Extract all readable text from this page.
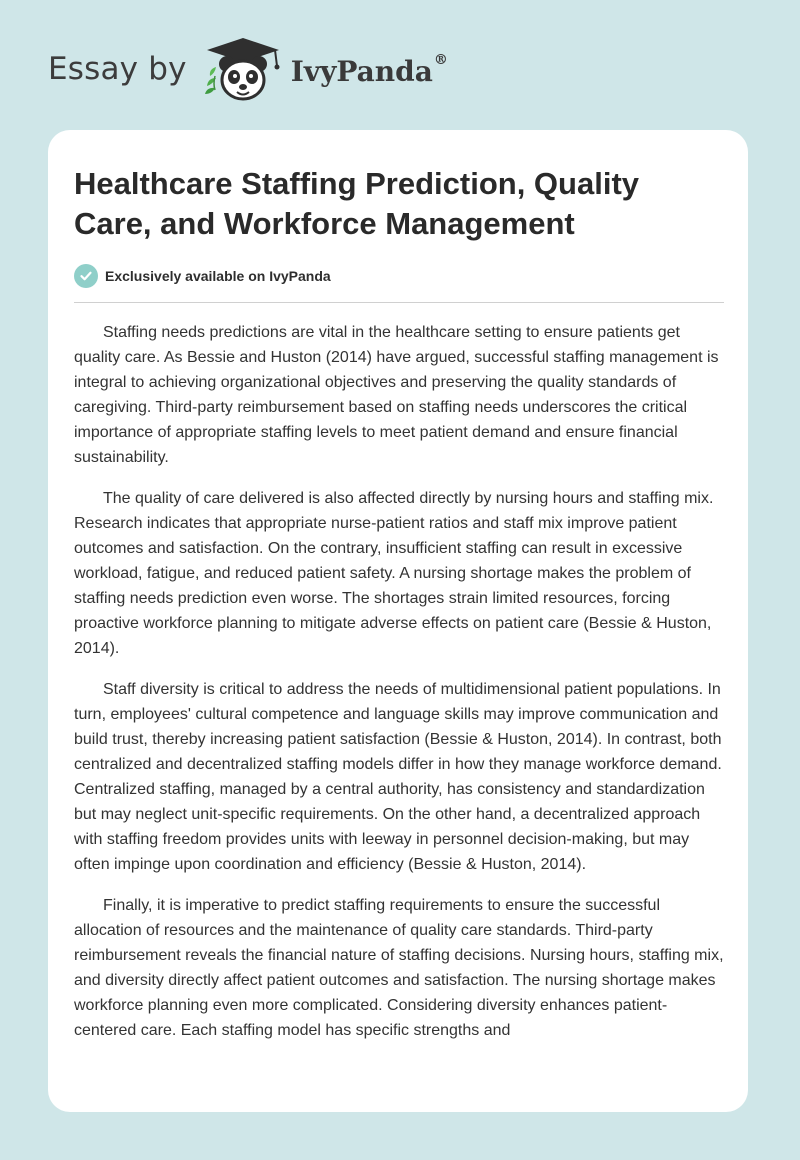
Essay by	IvyPanda®
Healthcare Staffing Prediction, Quality Care, and Workforce Management
Exclusively available on IvyPanda

Staffing needs predictions are vital in the healthcare setting to ensure patients get quality care. As Bessie and Huston (2014) have argued, successful staffing management is integral to achieving organizational objectives and preserving the quality standards of caregiving. Third-party reimbursement based on staffing needs underscores the critical importance of appropriate staffing levels to meet patient demand and ensure financial sustainability.

The quality of care delivered is also affected directly by nursing hours and staffing mix. Research indicates that appropriate nurse-patient ratios and staff mix improve patient outcomes and satisfaction. On the contrary, insufficient staffing can result in excessive workload, fatigue, and reduced patient safety. A nursing shortage makes the problem of staffing needs prediction even worse. The shortages strain limited resources, forcing proactive workforce planning to mitigate adverse effects on patient care (Bessie & Huston, 2014).

Staff diversity is critical to address the needs of multidimensional patient populations. In turn, employees' cultural competence and language skills may improve communication and build trust, thereby increasing patient satisfaction (Bessie & Huston, 2014). In contrast, both centralized and decentralized staffing models differ in how they manage workforce demand. Centralized staffing, managed by a central authority, has consistency and standardization but may neglect unit-specific requirements. On the other hand, a decentralized approach with staffing freedom provides units with leeway in personnel decision-making, but may often impinge upon coordination and efficiency (Bessie & Huston, 2014).

Finally, it is imperative to predict staffing requirements to ensure the successful allocation of resources and the maintenance of quality care standards. Third-party reimbursement reveals the financial nature of staffing decisions. Nursing hours, staffing mix, and diversity directly affect patient outcomes and satisfaction. The nursing shortage makes workforce planning even more complicated. Considering diversity enhances patient-centered care. Each staffing model has specific strengths and
